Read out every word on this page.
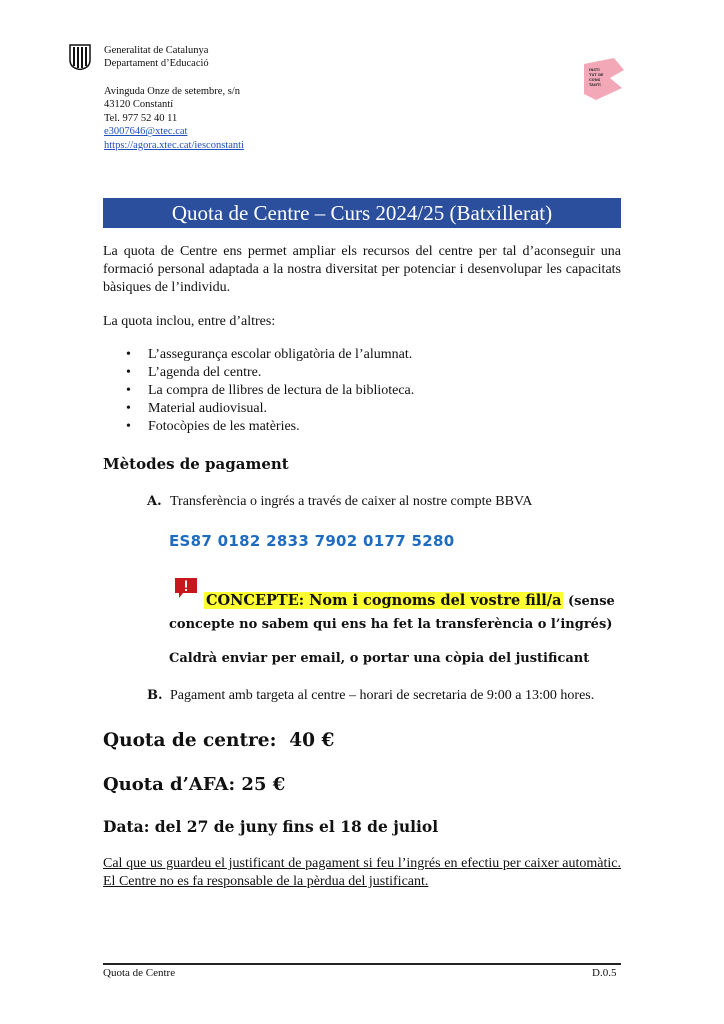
Generalitat de Catalunya
Departament d’Educació
Avinguda Onze de setembre, s/n
43120 Constantí
Tel. 977 52 40 11
e3007646@xtec.cat
https://agora.xtec.cat/iesconstanti
INSTI
TUT DE
CONS
TANTÍ
Quota de Centre – Curs 2024/25 (Batxillerat)
La quota de Centre ens permet ampliar els recursos del centre per tal d’aconseguir una formació personal adaptada a la nostra diversitat per potenciar i desenvolupar les capacitats bàsiques de l’individu.
La quota inclou, entre d’altres:
• L’assegurança escolar obligatòria de l’alumnat.
• L’agenda del centre.
• La compra de llibres de lectura de la biblioteca.
• Material audiovisual.
• Fotocòpies de les matèries.
Mètodes de pagament
A. Transferència o ingrés a través de caixer al nostre compte BBVA
ES87 0182 2833 7902 0177 5280
CONCEPTE: Nom i cognoms del vostre fill/a (sense concepte no sabem qui ens ha fet la transferència o l’ingrés)
Caldrà enviar per email, o portar una còpia del justificant
B. Pagament amb targeta al centre – horari de secretaria de 9:00 a 13:00 hores.
Quota de centre:  40 €
Quota d’AFA: 25 €
Data: del 27 de juny fins el 18 de juliol
Cal que us guardeu el justificant de pagament si feu l’ingrés en efectiu per caixer automàtic. El Centre no es fa responsable de la pèrdua del justificant.
Quota de Centre	D.0.5
